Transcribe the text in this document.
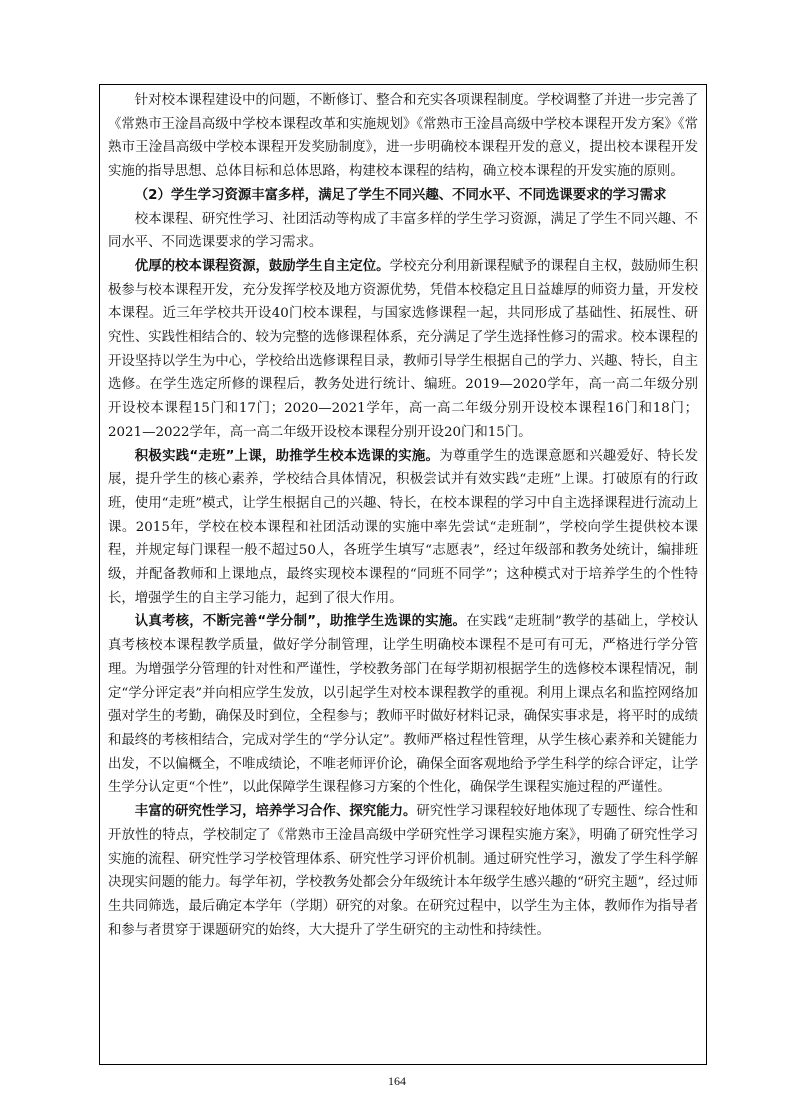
针对校本课程建设中的问题，不断修订、整合和充实各项课程制度。学校调整了并进一步完善了《常熟市王淦昌高级中学校本课程改革和实施规划》《常熟市王淦昌高级中学校本课程开发方案》《常熟市王淦昌高级中学校本课程开发奖励制度》，进一步明确校本课程开发的意义，提出校本课程开发实施的指导思想、总体目标和总体思路，构建校本课程的结构，确立校本课程的开发实施的原则。

（2）学生学习资源丰富多样，满足了学生不同兴趣、不同水平、不同选课要求的学习需求

校本课程、研究性学习、社团活动等构成了丰富多样的学生学习资源，满足了学生不同兴趣、不同水平、不同选课要求的学习需求。

优厚的校本课程资源，鼓励学生自主定位。学校充分利用新课程赋予的课程自主权，鼓励师生积极参与校本课程开发，充分发挥学校及地方资源优势，凭借本校稳定且日益雄厚的师资力量，开发校本课程。近三年学校共开设40门校本课程，与国家选修课程一起，共同形成了基础性、拓展性、研究性、实践性相结合的、较为完整的选修课程体系，充分满足了学生选择性修习的需求。校本课程的开设坚持以学生为中心，学校给出选修课程目录，教师引导学生根据自己的学力、兴趣、特长，自主选修。在学生选定所修的课程后，教务处进行统计、编班。2019—2020学年，高一高二年级分别开设校本课程15门和17门；2020—2021学年，高一高二年级分别开设校本课程16门和18门；2021—2022学年，高一高二年级开设校本课程分别开设20门和15门。

积极实践“走班”上课，助推学生校本选课的实施。为尊重学生的选课意愿和兴趣爱好、特长发展，提升学生的核心素养，学校结合具体情况，积极尝试并有效实践“走班”上课。打破原有的行政班，使用“走班”模式，让学生根据自己的兴趣、特长，在校本课程的学习中自主选择课程进行流动上课。2015年，学校在校本课程和社团活动课的实施中率先尝试“走班制”，学校向学生提供校本课程，并规定每门课程一般不超过50人，各班学生填写“志愿表”，经过年级部和教务处统计，编排班级，并配备教师和上课地点，最终实现校本课程的“同班不同学”；这种模式对于培养学生的个性特长，增强学生的自主学习能力，起到了很大作用。

认真考核，不断完善“学分制”，助推学生选课的实施。在实践“走班制”教学的基础上，学校认真考核校本课程教学质量，做好学分制管理，让学生明确校本课程不是可有可无，严格进行学分管理。为增强学分管理的针对性和严谨性，学校教务部门在每学期初根据学生的选修校本课程情况，制定“学分评定表”并向相应学生发放，以引起学生对校本课程教学的重视。利用上课点名和监控网络加强对学生的考勤，确保及时到位，全程参与；教师平时做好材料记录，确保实事求是，将平时的成绩和最终的考核相结合，完成对学生的“学分认定”。教师严格过程性管理，从学生核心素养和关键能力出发，不以偏概全，不唯成绩论，不唯老师评价论，确保全面客观地给予学生科学的综合评定，让学生学分认定更“个性”，以此保障学生课程修习方案的个性化，确保学生课程实施过程的严谨性。

丰富的研究性学习，培养学习合作、探究能力。研究性学习课程较好地体现了专题性、综合性和开放性的特点，学校制定了《常熟市王淦昌高级中学研究性学习课程实施方案》，明确了研究性学习实施的流程、研究性学习学校管理体系、研究性学习评价机制。通过研究性学习，激发了学生科学解决现实问题的能力。每学年初，学校教务处都会分年级统计本年级学生感兴趣的“研究主题”，经过师生共同筛选，最后确定本学年（学期）研究的对象。在研究过程中，以学生为主体，教师作为指导者和参与者贯穿于课题研究的始终，大大提升了学生研究的主动性和持续性。

164
